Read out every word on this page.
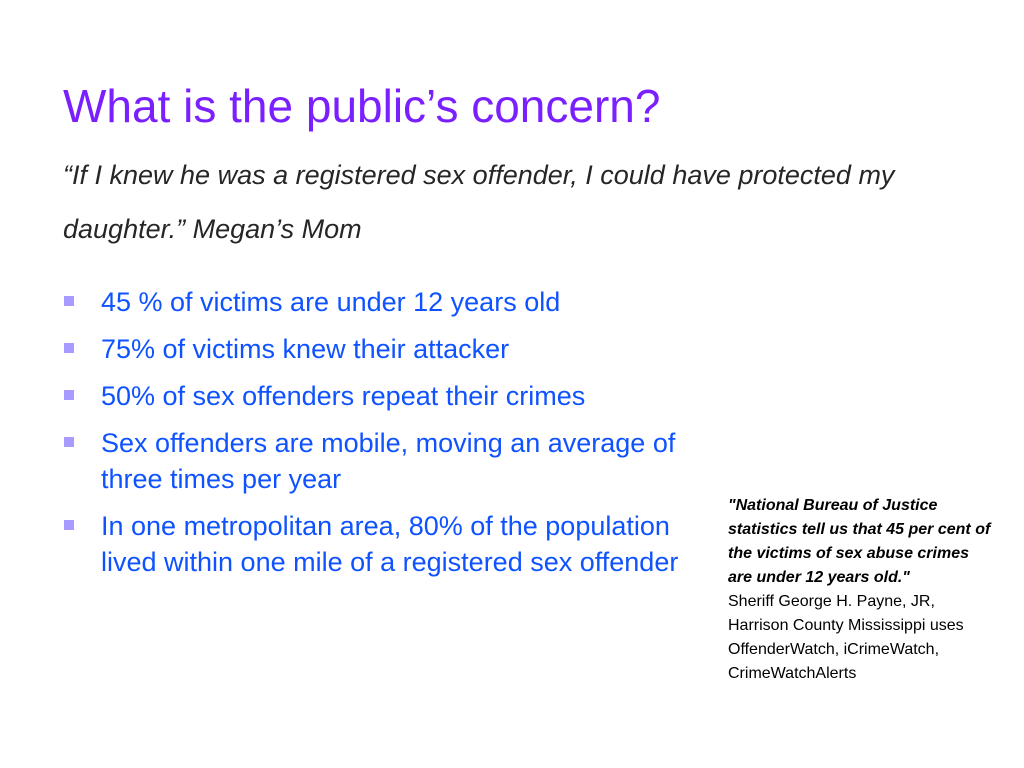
What is the public’s concern?

“If I knew he was a registered sex offender, I could have protected my daughter.” Megan’s Mom

45 % of victims are under 12 years old
75% of victims knew their attacker
50% of sex offenders repeat their crimes
Sex offenders are mobile, moving an average of three times per year
In one metropolitan area, 80% of the population lived within one mile of a registered sex offender
"National Bureau of Justice statistics tell us that 45 per cent of the victims of sex abuse crimes are under 12 years old."
Sheriff George H. Payne, JR, Harrison County Mississippi uses OffenderWatch, iCrimeWatch, CrimeWatchAlerts
